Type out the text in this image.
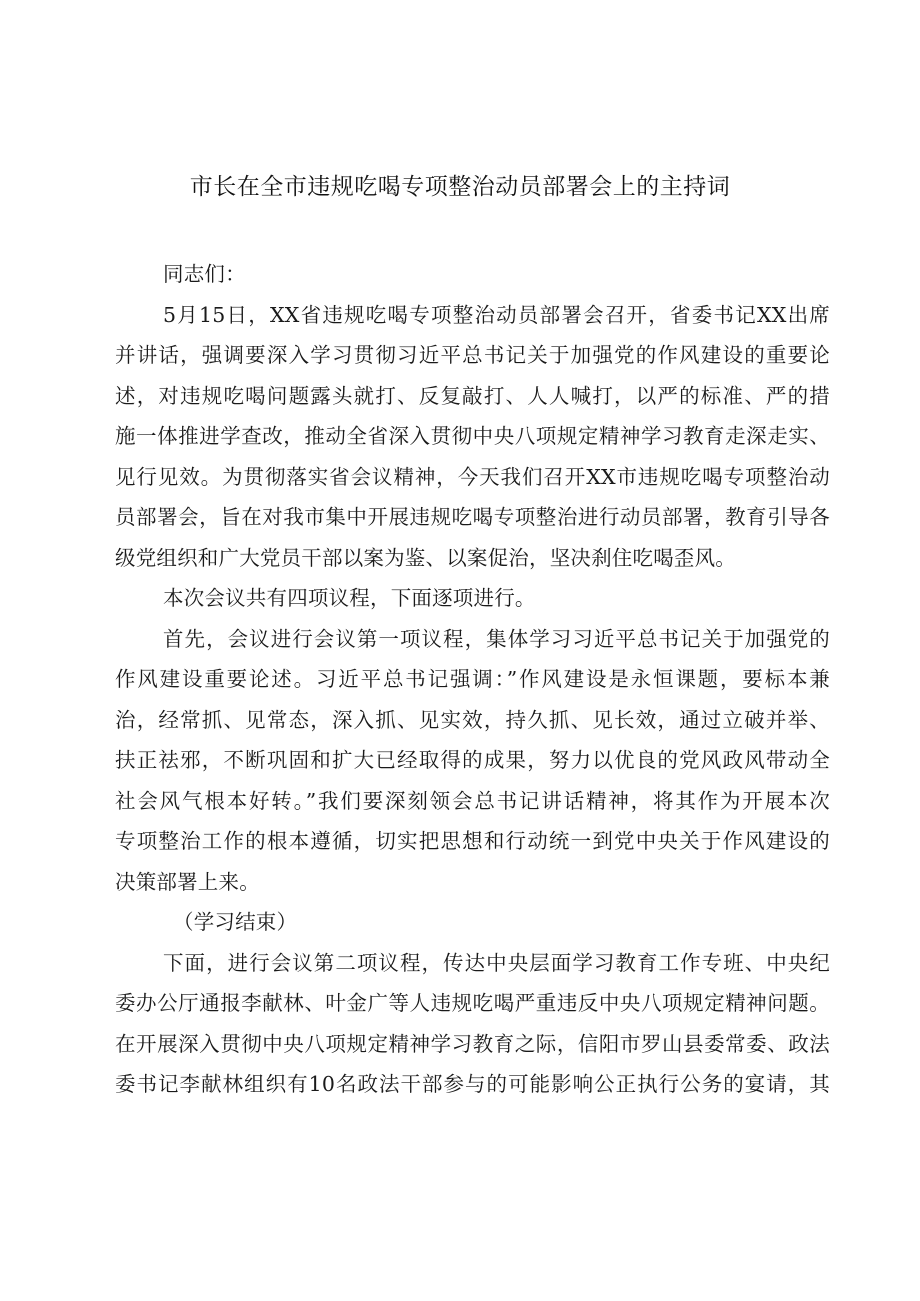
市长在全市违规吃喝专项整治动员部署会上的主持词
同志们：
5月15日，XX省违规吃喝专项整治动员部署会召开，省委书记XX出席
并讲话，强调要深入学习贯彻习近平总书记关于加强党的作风建设的重要论
述，对违规吃喝问题露头就打、反复敲打、人人喊打，以严的标准、严的措
施一体推进学查改，推动全省深入贯彻中央八项规定精神学习教育走深走实、
见行见效。为贯彻落实省会议精神，今天我们召开XX市违规吃喝专项整治动
员部署会，旨在对我市集中开展违规吃喝专项整治进行动员部署，教育引导各
级党组织和广大党员干部以案为鉴、以案促治，坚决刹住吃喝歪风。
本次会议共有四项议程，下面逐项进行。
首先，会议进行会议第一项议程，集体学习习近平总书记关于加强党的
作风建设重要论述。习近平总书记强调：”作风建设是永恒课题，要标本兼
治，经常抓、见常态，深入抓、见实效，持久抓、见长效，通过立破并举、
扶正祛邪，不断巩固和扩大已经取得的成果，努力以优良的党风政风带动全
社会风气根本好转。”我们要深刻领会总书记讲话精神，将其作为开展本次
专项整治工作的根本遵循，切实把思想和行动统一到党中央关于作风建设的
决策部署上来。
（学习结束）
下面，进行会议第二项议程，传达中央层面学习教育工作专班、中央纪
委办公厅通报李献林、叶金广等人违规吃喝严重违反中央八项规定精神问题。
在开展深入贯彻中央八项规定精神学习教育之际，信阳市罗山县委常委、政法
委书记李献林组织有10名政法干部参与的可能影响公正执行公务的宴请，其
